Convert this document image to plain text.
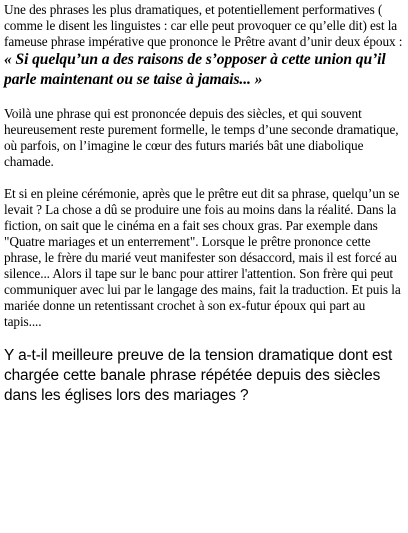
Une des phrases les plus dramatiques, et potentiellement performatives ( comme le disent les linguistes : car elle peut provoquer ce qu’elle dit) est la fameuse phrase impérative que prononce le Prêtre avant d’unir deux époux : « Si quelqu’un a des raisons de s’opposer à cette union qu’il parle maintenant ou se taise à jamais... »

Voilà une phrase qui est prononcée depuis des siècles, et qui souvent heureusement reste purement formelle, le temps d’une seconde dramatique, où parfois, on l’imagine le cœur des futurs mariés bât une diabolique chamade.

Et si en pleine cérémonie, après que le prêtre eut dit sa phrase, quelqu’un se levait ? La chose a dû se produire une fois au moins dans la réalité. Dans la fiction, on sait que le cinéma en a fait ses choux gras. Par exemple dans "Quatre mariages et un enterrement". Lorsque le prêtre prononce cette phrase, le frère du marié veut manifester son désaccord, mais il est forcé au silence... Alors il tape sur le banc pour attirer l'attention. Son frère qui peut communiquer avec lui par le langage des mains, fait la traduction. Et puis la mariée donne un retentissant crochet à son ex-futur époux qui part au tapis....

Y a-t-il meilleure preuve de la tension dramatique dont est chargée cette banale phrase répétée depuis des siècles dans les églises lors des mariages ?
